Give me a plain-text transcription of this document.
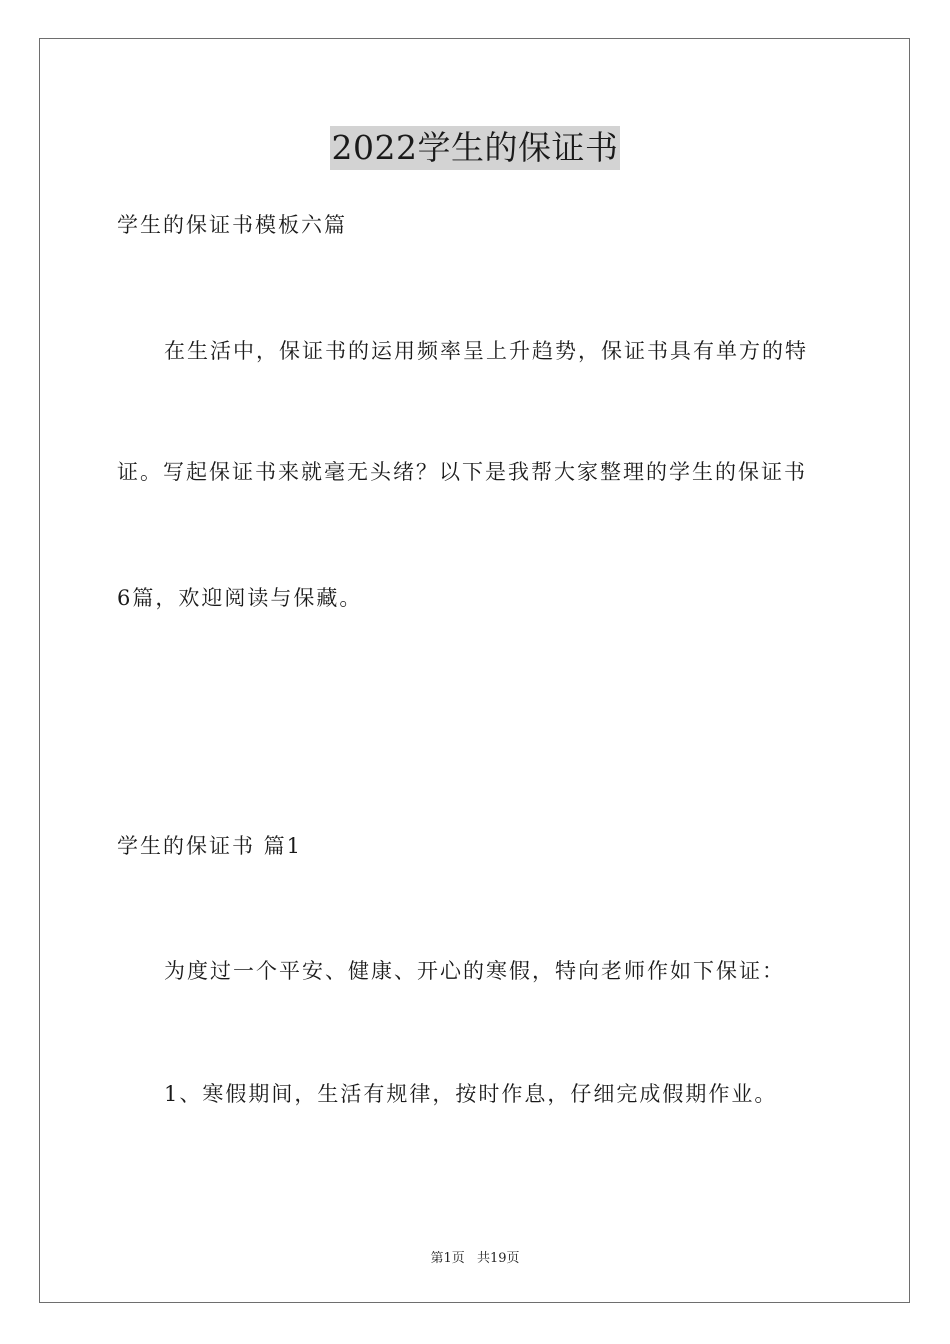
2022学生的保证书
学生的保证书模板六篇
在生活中，保证书的运用频率呈上升趋势，保证书具有单方的特
证。写起保证书来就毫无头绪？以下是我帮大家整理的学生的保证书
6篇，欢迎阅读与保藏。
学生的保证书 篇1
为度过一个平安、健康、开心的寒假，特向老师作如下保证：
1、寒假期间，生活有规律，按时作息，仔细完成假期作业。
第1页 共19页
